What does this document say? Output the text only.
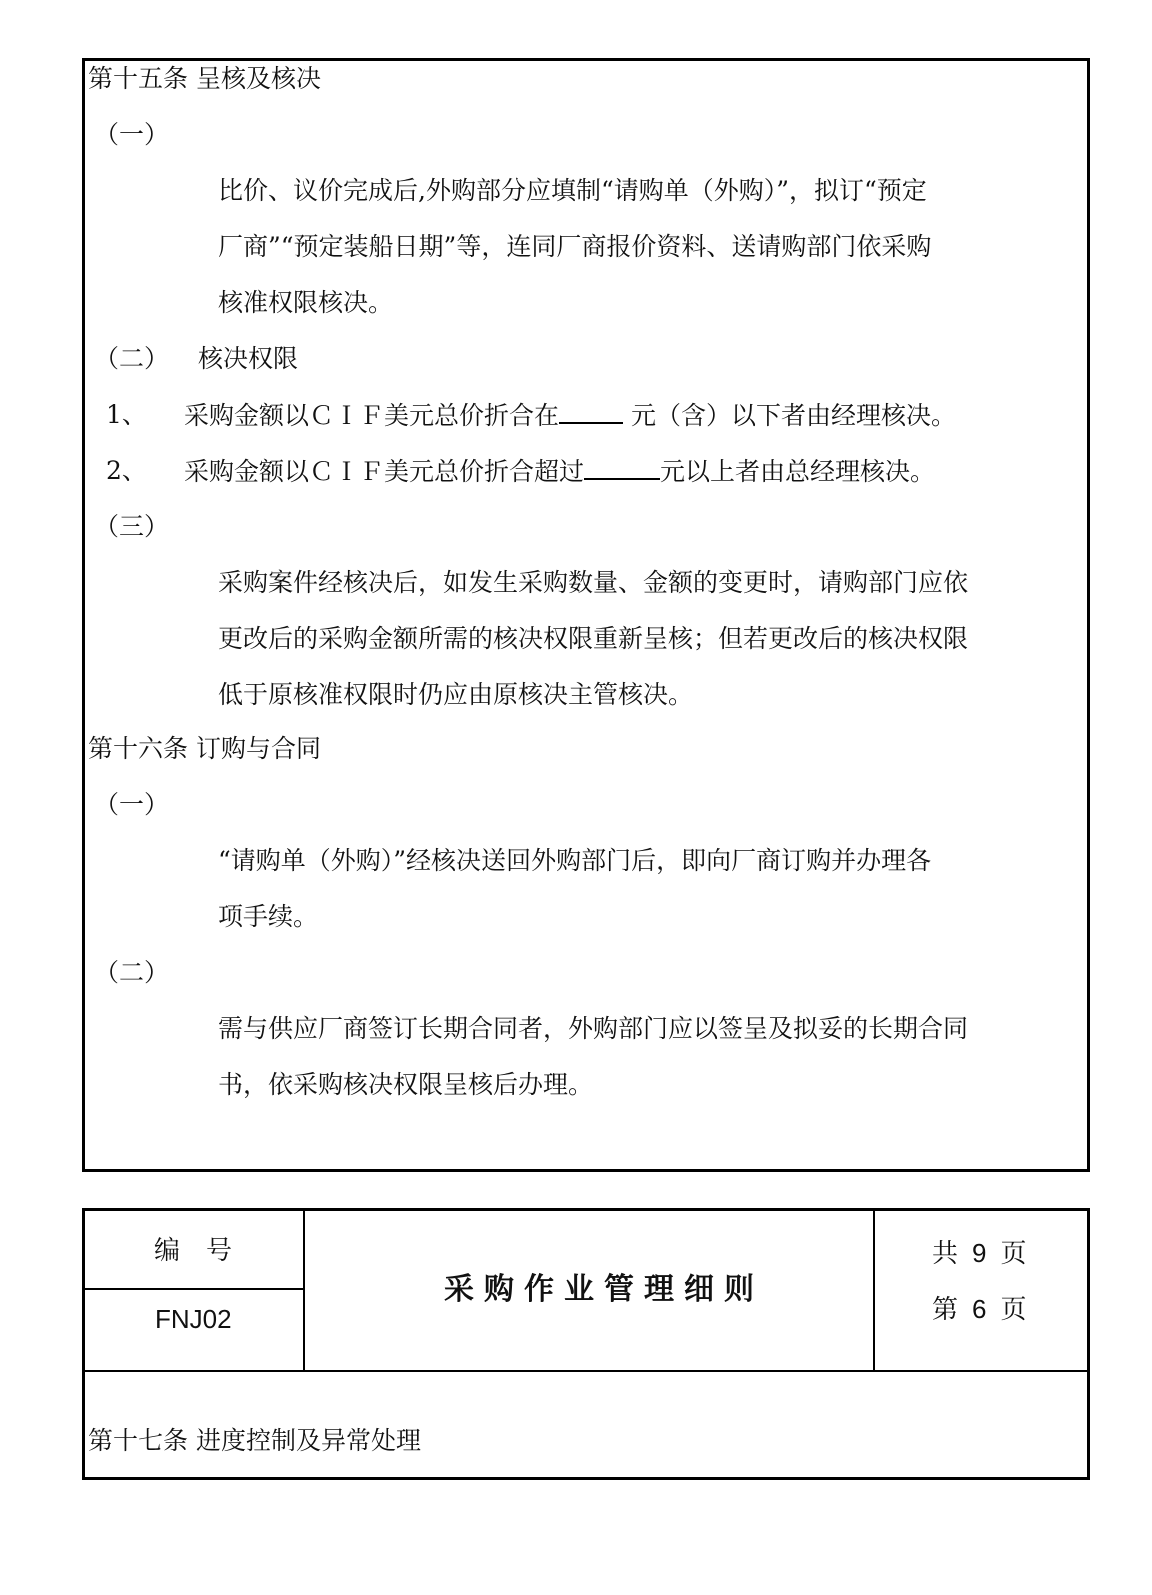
第十五条 呈核及核决
（一）
比价、议价完成后,外购部分应填制“请购单（外购）”，拟订“预定
厂商”“预定装船日期”等，连同厂商报价资料、送请购部门依采购
核准权限核决。
（二） 核决权限
1、 采购金额以ＣＩＦ美元总价折合在	元（含）以下者由经理核决。
2、 采购金额以ＣＩＦ美元总价折合超过	元以上者由总经理核决。
（三）
采购案件经核决后，如发生采购数量、金额的变更时，请购部门应依
更改后的采购金额所需的核决权限重新呈核；但若更改后的核决权限
低于原核准权限时仍应由原核决主管核决。
第十六条 订购与合同
（一）
“请购单（外购）”经核决送回外购部门后，即向厂商订购并办理各
项手续。
（二）
需与供应厂商签订长期合同者，外购部门应以签呈及拟妥的长期合同
书，依采购核决权限呈核后办理。
编　号
FNJ02
采购作业管理细则
共 9 页
第 6 页
第十七条 进度控制及异常处理
